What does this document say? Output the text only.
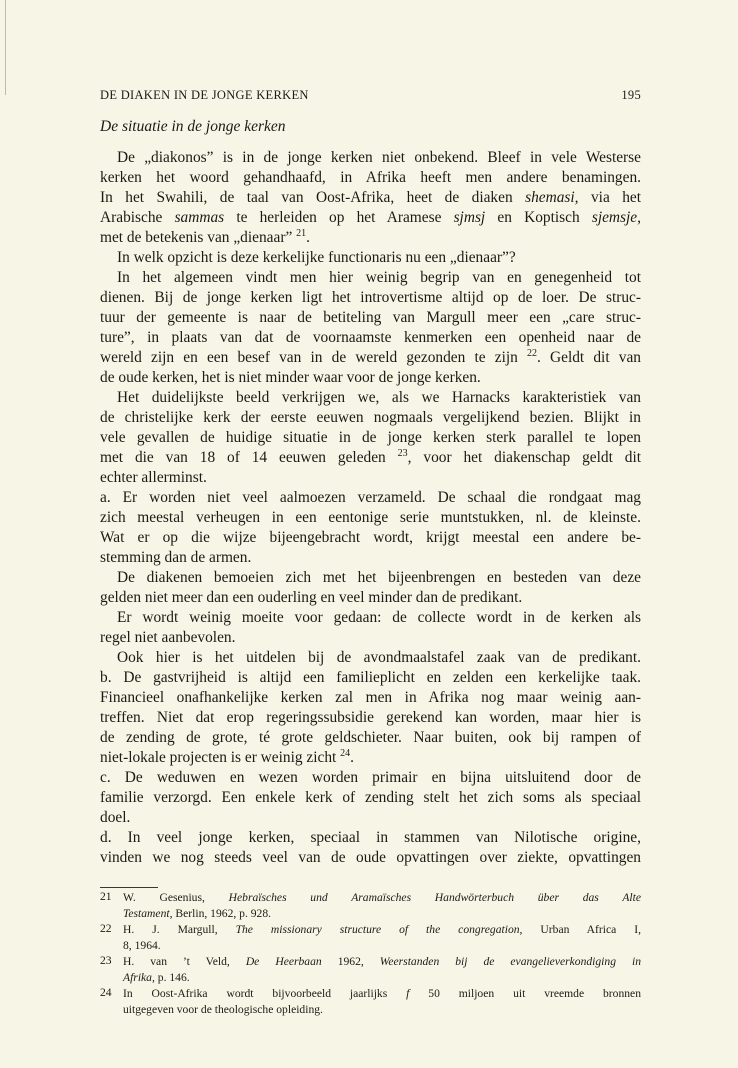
DE DIAKEN IN DE JONGE KERKEN	195
De situatie in de jonge kerken
De „diakonos” is in de jonge kerken niet onbekend. Bleef in vele Westerse
kerken het woord gehandhaafd, in Afrika heeft men andere benamingen.
In het Swahili, de taal van Oost-Afrika, heet de diaken shemasi, via het
Arabische sammas te herleiden op het Aramese sjmsj en Koptisch sjemsje,
met de betekenis van „dienaar” $^{21}$.
In welk opzicht is deze kerkelijke functionaris nu een „dienaar”?
In het algemeen vindt men hier weinig begrip van en genegenheid tot
dienen. Bij de jonge kerken ligt het introvertisme altijd op de loer. De struc-
tuur der gemeente is naar de betiteling van Margull meer een „care struc-
ture”, in plaats van dat de voornaamste kenmerken een openheid naar de
wereld zijn en een besef van in de wereld gezonden te zijn $^{22}$. Geldt dit van
de oude kerken, het is niet minder waar voor de jonge kerken.
Het duidelijkste beeld verkrijgen we, als we Harnacks karakteristiek van
de christelijke kerk der eerste eeuwen nogmaals vergelijkend bezien. Blijkt in
vele gevallen de huidige situatie in de jonge kerken sterk parallel te lopen
met die van 18 of 14 eeuwen geleden $^{23}$, voor het diakenschap geldt dit
echter allerminst.
a. Er worden niet veel aalmoezen verzameld. De schaal die rondgaat mag
zich meestal verheugen in een eentonige serie muntstukken, nl. de kleinste.
Wat er op die wijze bijeengebracht wordt, krijgt meestal een andere be-
stemming dan de armen.
De diakenen bemoeien zich met het bijeenbrengen en besteden van deze
gelden niet meer dan een ouderling en veel minder dan de predikant.
Er wordt weinig moeite voor gedaan: de collecte wordt in de kerken als
regel niet aanbevolen.
Ook hier is het uitdelen bij de avondmaalstafel zaak van de predikant.
b. De gastvrijheid is altijd een familieplicht en zelden een kerkelijke taak.
Financieel onafhankelijke kerken zal men in Afrika nog maar weinig aan-
treffen. Niet dat erop regeringssubsidie gerekend kan worden, maar hier is
de zending de grote, té grote geldschieter. Naar buiten, ook bij rampen of
niet-lokale projecten is er weinig zicht $^{24}$.
c. De weduwen en wezen worden primair en bijna uitsluitend door de
familie verzorgd. Een enkele kerk of zending stelt het zich soms als speciaal
doel.
d. In veel jonge kerken, speciaal in stammen van Nilotische origine,
vinden we nog steeds veel van de oude opvattingen over ziekte, opvattingen
21 W. Gesenius, Hebraïsches und Aramaïsches Handwörterbuch über das Alte
Testament, Berlin, 1962, p. 928.
22 H. J. Margull, The missionary structure of the congregation, Urban Africa I,
8, 1964.
23 H. van ’t Veld, De Heerbaan 1962, Weerstanden bij de evangelieverkondiging in
Afrika, p. 146.
24 In Oost-Afrika wordt bijvoorbeeld jaarlijks f 50 miljoen uit vreemde bronnen
uitgegeven voor de theologische opleiding.
